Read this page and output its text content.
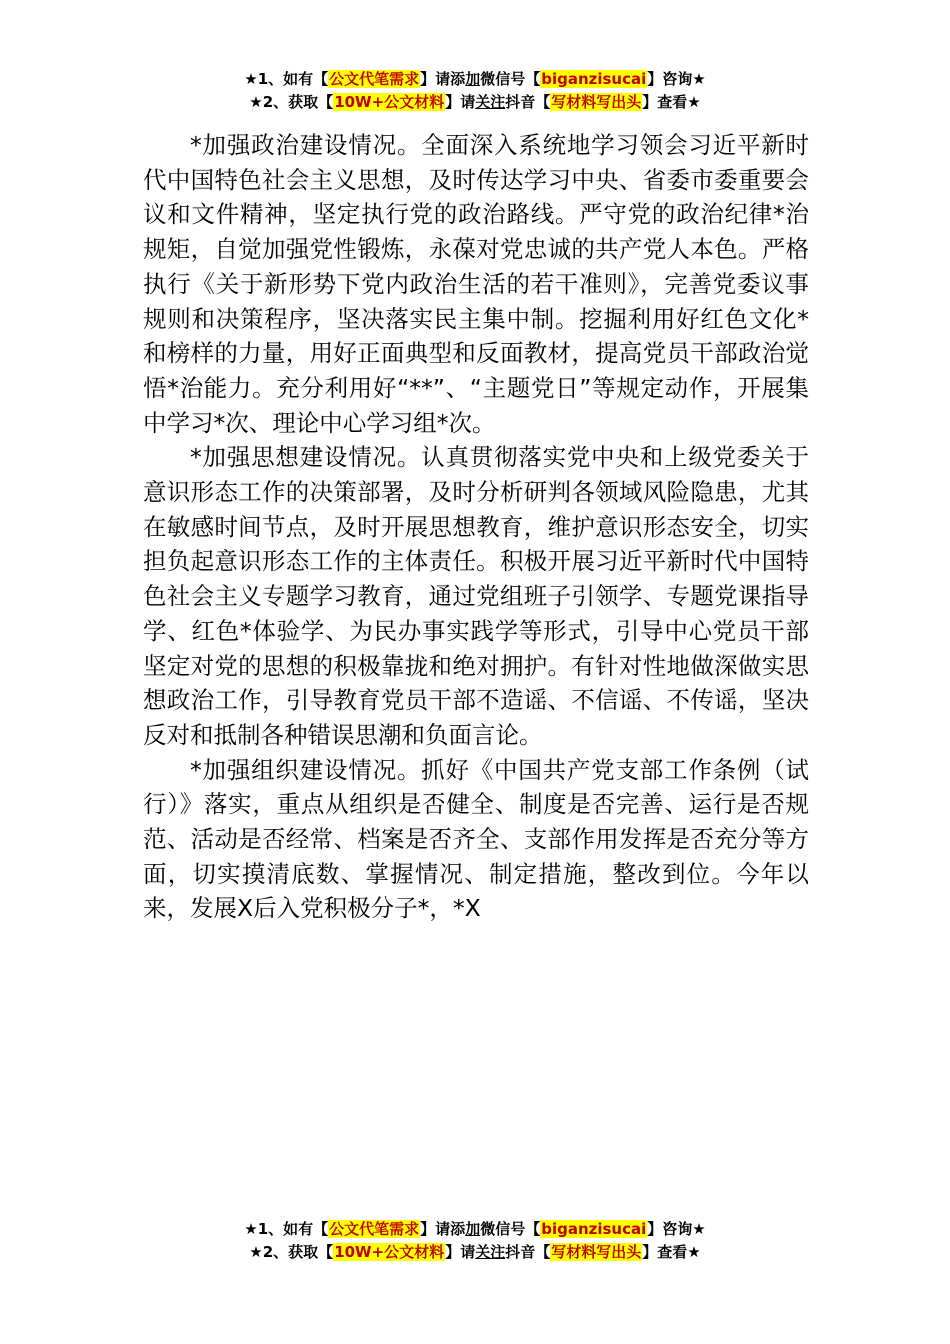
★1、如有【公文代笔需求】请添加微信号【biganzisucai】咨询★
★2、获取【10W+公文材料】请关注抖音【写材料写出头】查看★

*加强政治建设情况。全面深入系统地学习领会习近平新时代中国特色社会主义思想，及时传达学习中央、省委市委重要会议和文件精神，坚定执行党的政治路线。严守党的政治纪律*治规矩，自觉加强党性锻炼，永葆对党忠诚的共产党人本色。严格执行《关于新形势下党内政治生活的若干准则》，完善党委议事规则和决策程序，坚决落实民主集中制。挖掘利用好红色文化*和榜样的力量，用好正面典型和反面教材，提高党员干部政治觉悟*治能力。充分利用好“**”、“主题党日”等规定动作，开展集中学习*次、理论中心学习组*次。

*加强思想建设情况。认真贯彻落实党中央和上级党委关于意识形态工作的决策部署，及时分析研判各领域风险隐患，尤其在敏感时间节点，及时开展思想教育，维护意识形态安全，切实担负起意识形态工作的主体责任。积极开展习近平新时代中国特色社会主义专题学习教育，通过党组班子引领学、专题党课指导学、红色*体验学、为民办事实践学等形式，引导中心党员干部坚定对党的思想的积极靠拢和绝对拥护。有针对性地做深做实思想政治工作，引导教育党员干部不造谣、不信谣、不传谣，坚决反对和抵制各种错误思潮和负面言论。

*加强组织建设情况。抓好《中国共产党支部工作条例（试行）》落实，重点从组织是否健全、制度是否完善、运行是否规范、活动是否经常、档案是否齐全、支部作用发挥是否充分等方面，切实摸清底数、掌握情况、制定措施，整改到位。今年以来，发展X后入党积极分子*，*X

★1、如有【公文代笔需求】请添加微信号【biganzisucai】咨询★
★2、获取【10W+公文材料】请关注抖音【写材料写出头】查看★
